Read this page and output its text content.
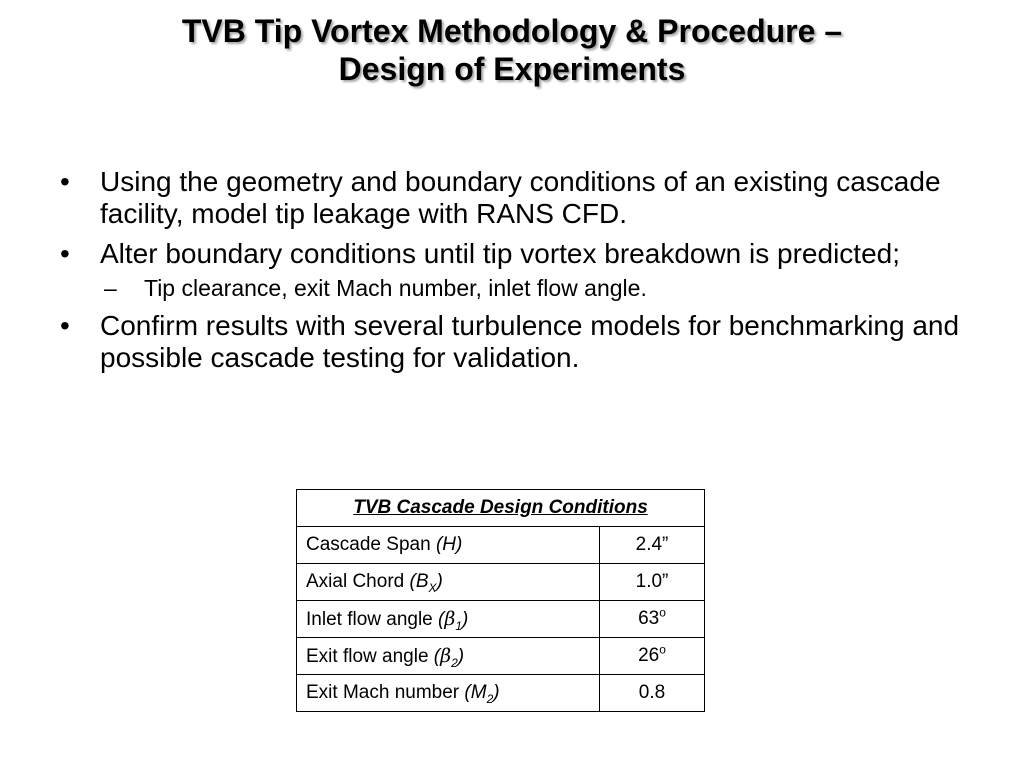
TVB Tip Vortex Methodology & Procedure –
Design of Experiments
• Using the geometry and boundary conditions of an existing cascade facility, model tip leakage with RANS CFD.
• Alter boundary conditions until tip vortex breakdown is predicted;
– Tip clearance, exit Mach number, inlet flow angle.
• Confirm results with several turbulence models for benchmarking and possible cascade testing for validation.
TVB Cascade Design Conditions	
Cascade Span (H)	2.4”
Axial Chord $(B_X)$	1.0”
Inlet flow angle $(\beta_1)$	63$^o$
Exit flow angle $(\beta_2)$	26$^o$
Exit Mach number $(M_2)$	0.8
